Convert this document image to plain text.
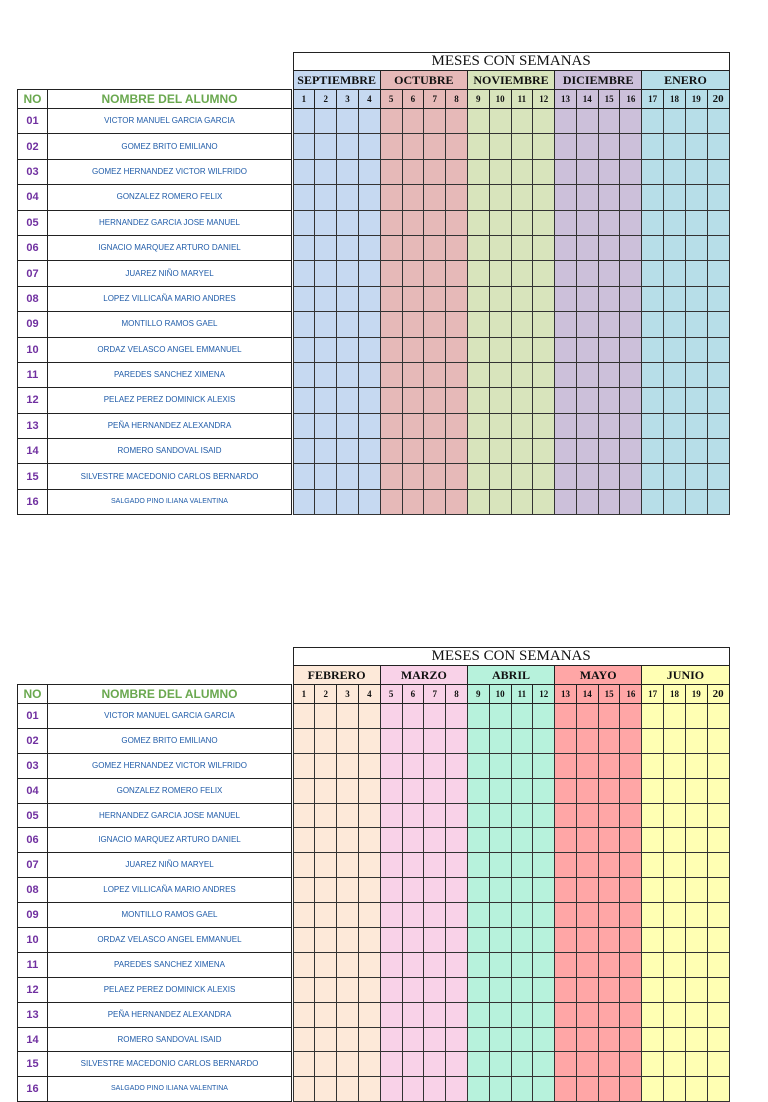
			MESES CON SEMANAS																			
			SEPTIEMBRE				OCTUBRE				NOVIEMBRE				DICIEMBRE				ENERO			
NO	NOMBRE DEL ALUMNO		1	2	3	4	5	6	7	8	9	10	11	12	13	14	15	16	17	18	19	20
01	VICTOR MANUEL GARCIA GARCIA																					
02	GOMEZ BRITO EMILIANO																					
03	GOMEZ HERNANDEZ VICTOR WILFRIDO																					
04	GONZALEZ ROMERO FELIX																					
05	HERNANDEZ GARCIA JOSE MANUEL																					
06	IGNACIO MARQUEZ ARTURO DANIEL																					
07	JUAREZ NIÑO MARYEL																					
08	LOPEZ VILLICAÑA MARIO ANDRES																					
09	MONTILLO RAMOS GAEL																					
10	ORDAZ VELASCO ANGEL EMMANUEL																					
11	PAREDES SANCHEZ XIMENA																					
12	PELAEZ PEREZ DOMINICK ALEXIS																					
13	PEÑA HERNANDEZ ALEXANDRA																					
14	ROMERO SANDOVAL ISAID																					
15	SILVESTRE MACEDONIO CARLOS BERNARDO																					
16	SALGADO PINO ILIANA VALENTINA																					
			MESES CON SEMANAS																			
			FEBRERO				MARZO				ABRIL				MAYO				JUNIO			
NO	NOMBRE DEL ALUMNO		1	2	3	4	5	6	7	8	9	10	11	12	13	14	15	16	17	18	19	20
01	VICTOR MANUEL GARCIA GARCIA																					
02	GOMEZ BRITO EMILIANO																					
03	GOMEZ HERNANDEZ VICTOR WILFRIDO																					
04	GONZALEZ ROMERO FELIX																					
05	HERNANDEZ GARCIA JOSE MANUEL																					
06	IGNACIO MARQUEZ ARTURO DANIEL																					
07	JUAREZ NIÑO MARYEL																					
08	LOPEZ VILLICAÑA MARIO ANDRES																					
09	MONTILLO RAMOS GAEL																					
10	ORDAZ VELASCO ANGEL EMMANUEL																					
11	PAREDES SANCHEZ XIMENA																					
12	PELAEZ PEREZ DOMINICK ALEXIS																					
13	PEÑA HERNANDEZ ALEXANDRA																					
14	ROMERO SANDOVAL ISAID																					
15	SILVESTRE MACEDONIO CARLOS BERNARDO																					
16	SALGADO PINO ILIANA VALENTINA																					
